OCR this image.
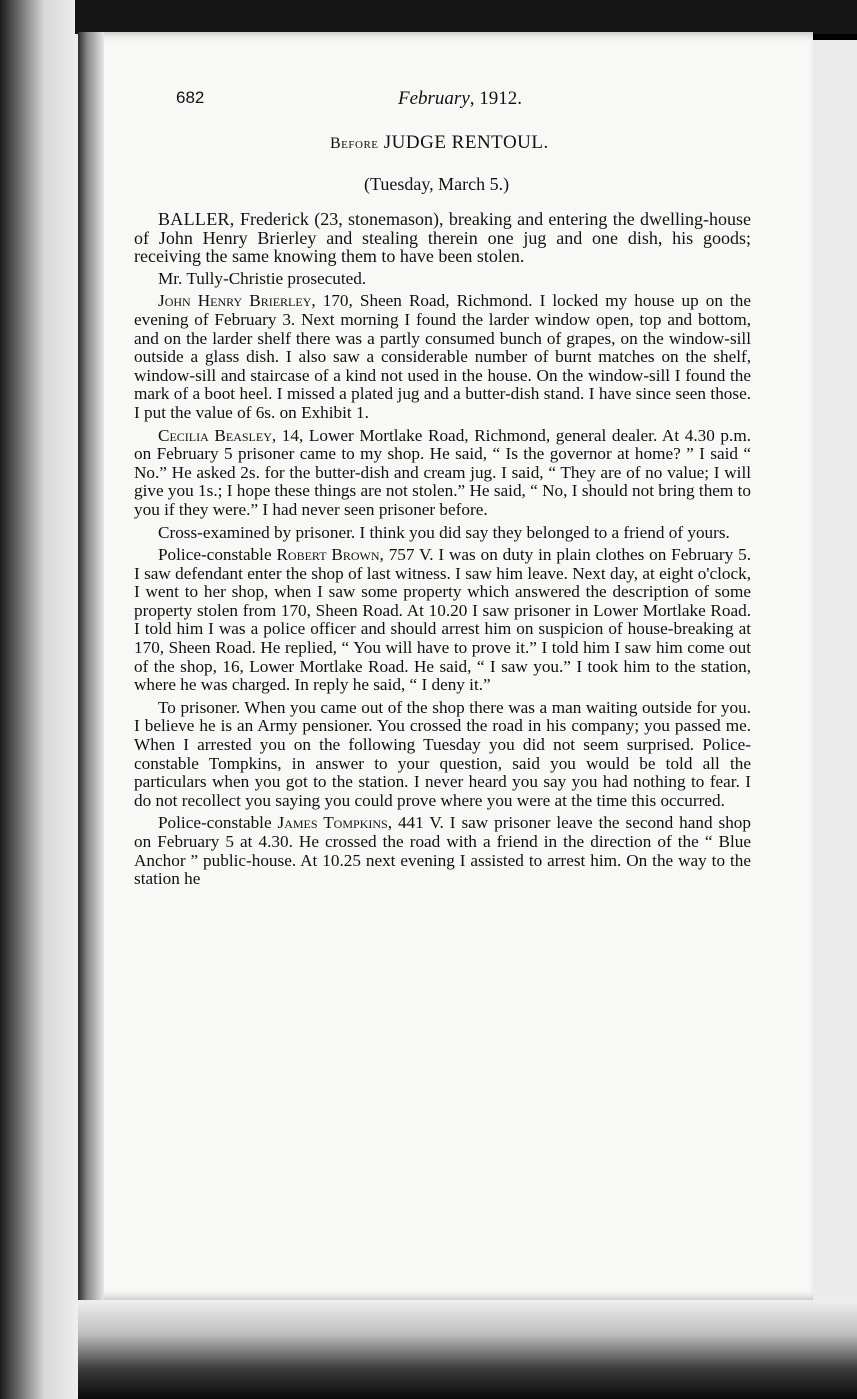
682	February, 1912.
Before JUDGE RENTOUL.
(Tuesday, March 5.)

BALLER, Frederick (23, stonemason), breaking and entering the dwelling-house of John Henry Brierley and stealing therein one jug and one dish, his goods; receiving the same knowing them to have been stolen.

Mr. Tully-Christie prosecuted.

John Henry Brierley, 170, Sheen Road, Richmond. I locked my house up on the evening of February 3. Next morning I found the larder window open, top and bottom, and on the larder shelf there was a partly consumed bunch of grapes, on the window-sill outside a glass dish. I also saw a considerable number of burnt matches on the shelf, window-sill and staircase of a kind not used in the house. On the window-sill I found the mark of a boot heel. I missed a plated jug and a butter-dish stand. I have since seen those. I put the value of 6s. on Exhibit 1.

Cecilia Beasley, 14, Lower Mortlake Road, Richmond, general dealer. At 4.30 p.m. on February 5 prisoner came to my shop. He said, “ Is the governor at home? ” I said “ No.” He asked 2s. for the butter-dish and cream jug. I said, “ They are of no value; I will give you 1s.; I hope these things are not stolen.” He said, “ No, I should not bring them to you if they were.” I had never seen prisoner before.

Cross-examined by prisoner. I think you did say they belonged to a friend of yours.

Police-constable Robert Brown, 757 V. I was on duty in plain clothes on February 5. I saw defendant enter the shop of last witness. I saw him leave. Next day, at eight o'clock, I went to her shop, when I saw some property which answered the description of some property stolen from 170, Sheen Road. At 10.20 I saw prisoner in Lower Mortlake Road. I told him I was a police officer and should arrest him on suspicion of house-breaking at 170, Sheen Road. He replied, “ You will have to prove it.” I told him I saw him come out of the shop, 16, Lower Mortlake Road. He said, “ I saw you.” I took him to the station, where he was charged. In reply he said, “ I deny it.”

To prisoner. When you came out of the shop there was a man waiting outside for you. I believe he is an Army pensioner. You crossed the road in his company; you passed me. When I arrested you on the following Tuesday you did not seem surprised. Police-constable Tompkins, in answer to your question, said you would be told all the particulars when you got to the station. I never heard you say you had nothing to fear. I do not recollect you saying you could prove where you were at the time this occurred.

Police-constable James Tompkins, 441 V. I saw prisoner leave the second hand shop on February 5 at 4.30. He crossed the road with a friend in the direction of the “ Blue Anchor ” public-house. At 10.25 next evening I assisted to arrest him. On the way to the station he
